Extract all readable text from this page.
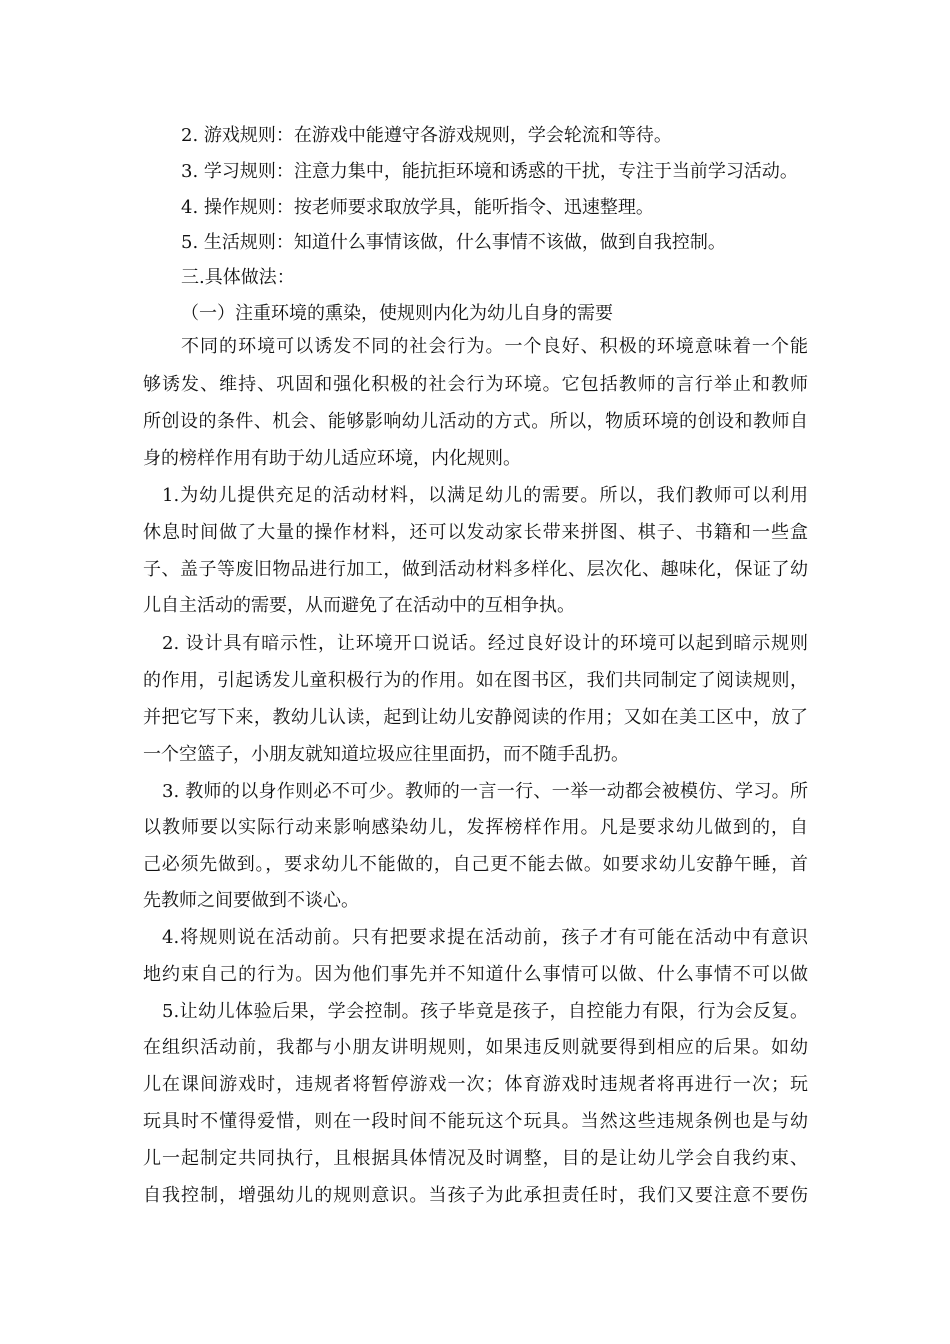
2. 游戏规则：在游戏中能遵守各游戏规则，学会轮流和等待。
3. 学习规则：注意力集中，能抗拒环境和诱惑的干扰，专注于当前学习活动。
4. 操作规则：按老师要求取放学具，能听指令、迅速整理。
5. 生活规则：知道什么事情该做，什么事情不该做，做到自我控制。
三.具体做法：
（一）注重环境的熏染，使规则内化为幼儿自身的需要
不同的环境可以诱发不同的社会行为。一个良好、积极的环境意味着一个能
够诱发、维持、巩固和强化积极的社会行为环境。它包括教师的言行举止和教师
所创设的条件、机会、能够影响幼儿活动的方式。所以，物质环境的创设和教师自
身的榜样作用有助于幼儿适应环境，内化规则。
1.为幼儿提供充足的活动材料，以满足幼儿的需要。所以，我们教师可以利用
休息时间做了大量的操作材料，还可以发动家长带来拼图、棋子、书籍和一些盒
子、盖子等废旧物品进行加工，做到活动材料多样化、层次化、趣味化，保证了幼
儿自主活动的需要，从而避免了在活动中的互相争执。
2. 设计具有暗示性，让环境开口说话。经过良好设计的环境可以起到暗示规则
的作用，引起诱发儿童积极行为的作用。如在图书区，我们共同制定了阅读规则，
并把它写下来，教幼儿认读，起到让幼儿安静阅读的作用；又如在美工区中，放了
一个空篮子，小朋友就知道垃圾应往里面扔，而不随手乱扔。
3. 教师的以身作则必不可少。教师的一言一行、一举一动都会被模仿、学习。所
以教师要以实际行动来影响感染幼儿，发挥榜样作用。凡是要求幼儿做到的，自
己必须先做到。，要求幼儿不能做的，自己更不能去做。如要求幼儿安静午睡，首
先教师之间要做到不谈心。
4.将规则说在活动前。只有把要求提在活动前，孩子才有可能在活动中有意识
地约束自己的行为。因为他们事先并不知道什么事情可以做、什么事情不可以做
5.让幼儿体验后果，学会控制。孩子毕竟是孩子，自控能力有限，行为会反复。
在组织活动前，我都与小朋友讲明规则，如果违反则就要得到相应的后果。如幼
儿在课间游戏时，违规者将暂停游戏一次；体育游戏时违规者将再进行一次；玩
玩具时不懂得爱惜，则在一段时间不能玩这个玩具。当然这些违规条例也是与幼
儿一起制定共同执行，且根据具体情况及时调整，目的是让幼儿学会自我约束、
自我控制，增强幼儿的规则意识。当孩子为此承担责任时，我们又要注意不要伤
